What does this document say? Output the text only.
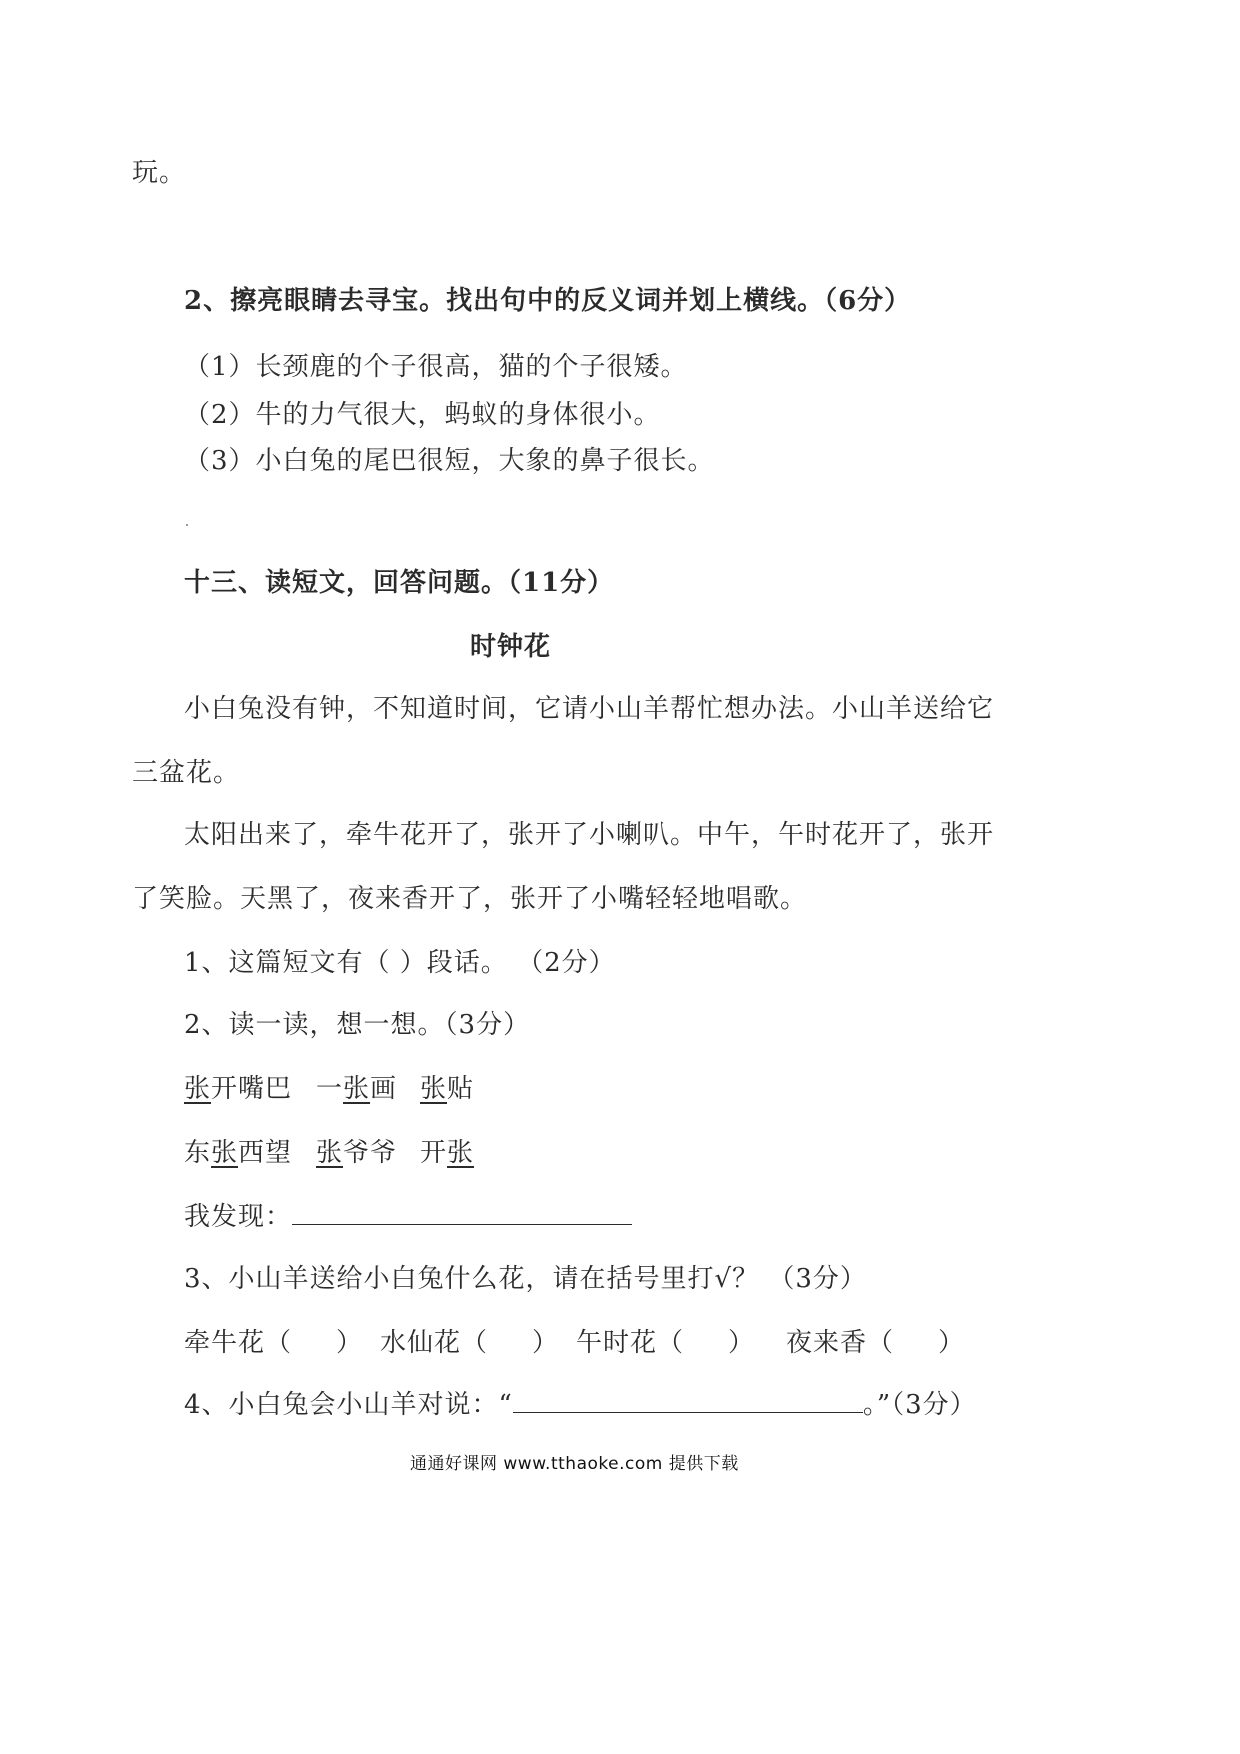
玩。
2、擦亮眼睛去寻宝。找出句中的反义词并划上横线。（6分）
（1）长颈鹿的个子很高，猫的个子很矮。
（2）牛的力气很大，蚂蚁的身体很小。
（3）小白兔的尾巴很短，大象的鼻子很长。
十三、读短文，回答问题。（11分）
时钟花
小白兔没有钟，不知道时间，它请小山羊帮忙想办法。小山羊送给它
三盆花。
太阳出来了，牵牛花开了，张开了小喇叭。中午，午时花开了，张开
了笑脸。天黑了，夜来香开了，张开了小嘴轻轻地唱歌。
1、这篇短文有（ ）段话。 （2分）
2、读一读，想一想。（3分）
张开嘴巴 一张画 张贴
东张西望 张爷爷 开张
我发现：
3、小山羊送给小白兔什么花，请在括号里打√？ （3分）
牵牛花（ ） 水仙花（ ） 午时花（ ） 夜来香（ ）
4、小白兔会小山羊对说：“	。”（3分）
通通好课网 www.tthaoke.com 提供下载
